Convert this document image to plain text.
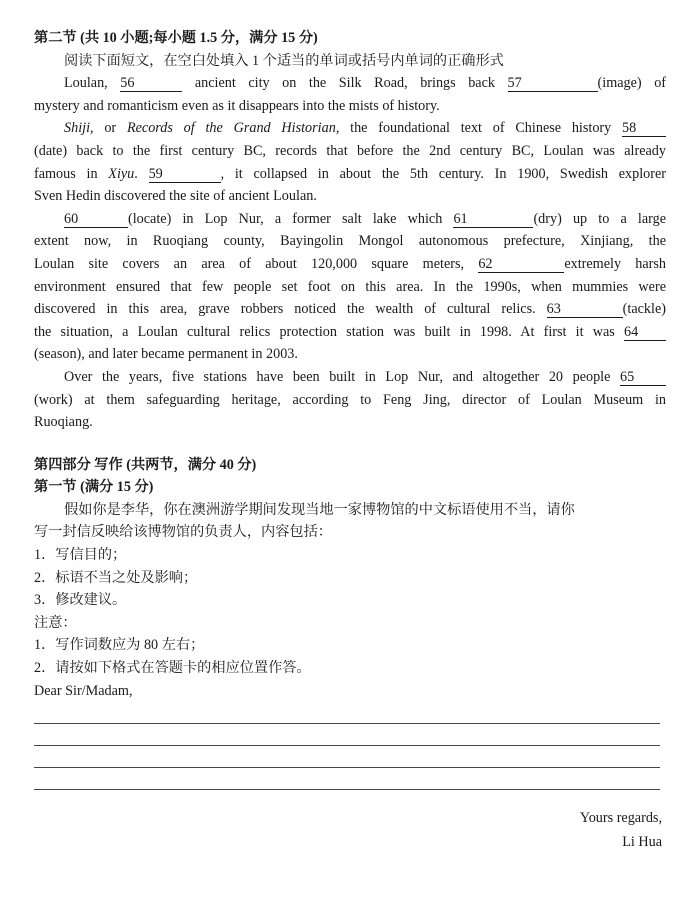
第二节 (共 10 小题;每小题 1.5 分，满分 15 分)
阅读下面短文，在空白处填入 1 个适当的单词或括号内单词的正确形式
Loulan, 56	ancient city on the Silk Road, brings back 57	(image) of
mystery and romanticism even as it disappears into the mists of history.
Shiji, or Records of the Grand Historian, the foundational text of Chinese history 58
(date) back to the first century BC, records that before the 2nd century BC, Loulan was already
famous in Xiyu. 59	, it collapsed in about the 5th century. In 1900, Swedish explorer
Sven Hedin discovered the site of ancient Loulan.
60	(locate) in Lop Nur, a former salt lake which 61	(dry) up to a large
extent now, in Ruoqiang county, Bayingolin Mongol autonomous prefecture, Xinjiang, the
Loulan site covers an area of about 120,000 square meters, 62	extremely harsh
environment ensured that few people set foot on this area. In the 1990s, when mummies were
discovered in this area, grave robbers noticed the wealth of cultural relics. 63	(tackle)
the situation, a Loulan cultural relics protection station was built in 1998. At first it was 64
(season), and later became permanent in 2003.
Over the years, five stations have been built in Lop Nur, and altogether 20 people 65
(work) at them safeguarding heritage, according to Feng Jing, director of Loulan Museum in
Ruoqiang.
第四部分 写作 (共两节，满分 40 分)
第一节 (满分 15 分)
假如你是李华，你在澳洲游学期间发现当地一家博物馆的中文标语使用不当，请你
写一封信反映给该博物馆的负责人，内容包括：
1．写信目的；
2．标语不当之处及影响；
3．修改建议。
注意：
1．写作词数应为 80 左右；
2．请按如下格式在答题卡的相应位置作答。
Dear Sir/Madam,
Yours regards,
Li Hua
